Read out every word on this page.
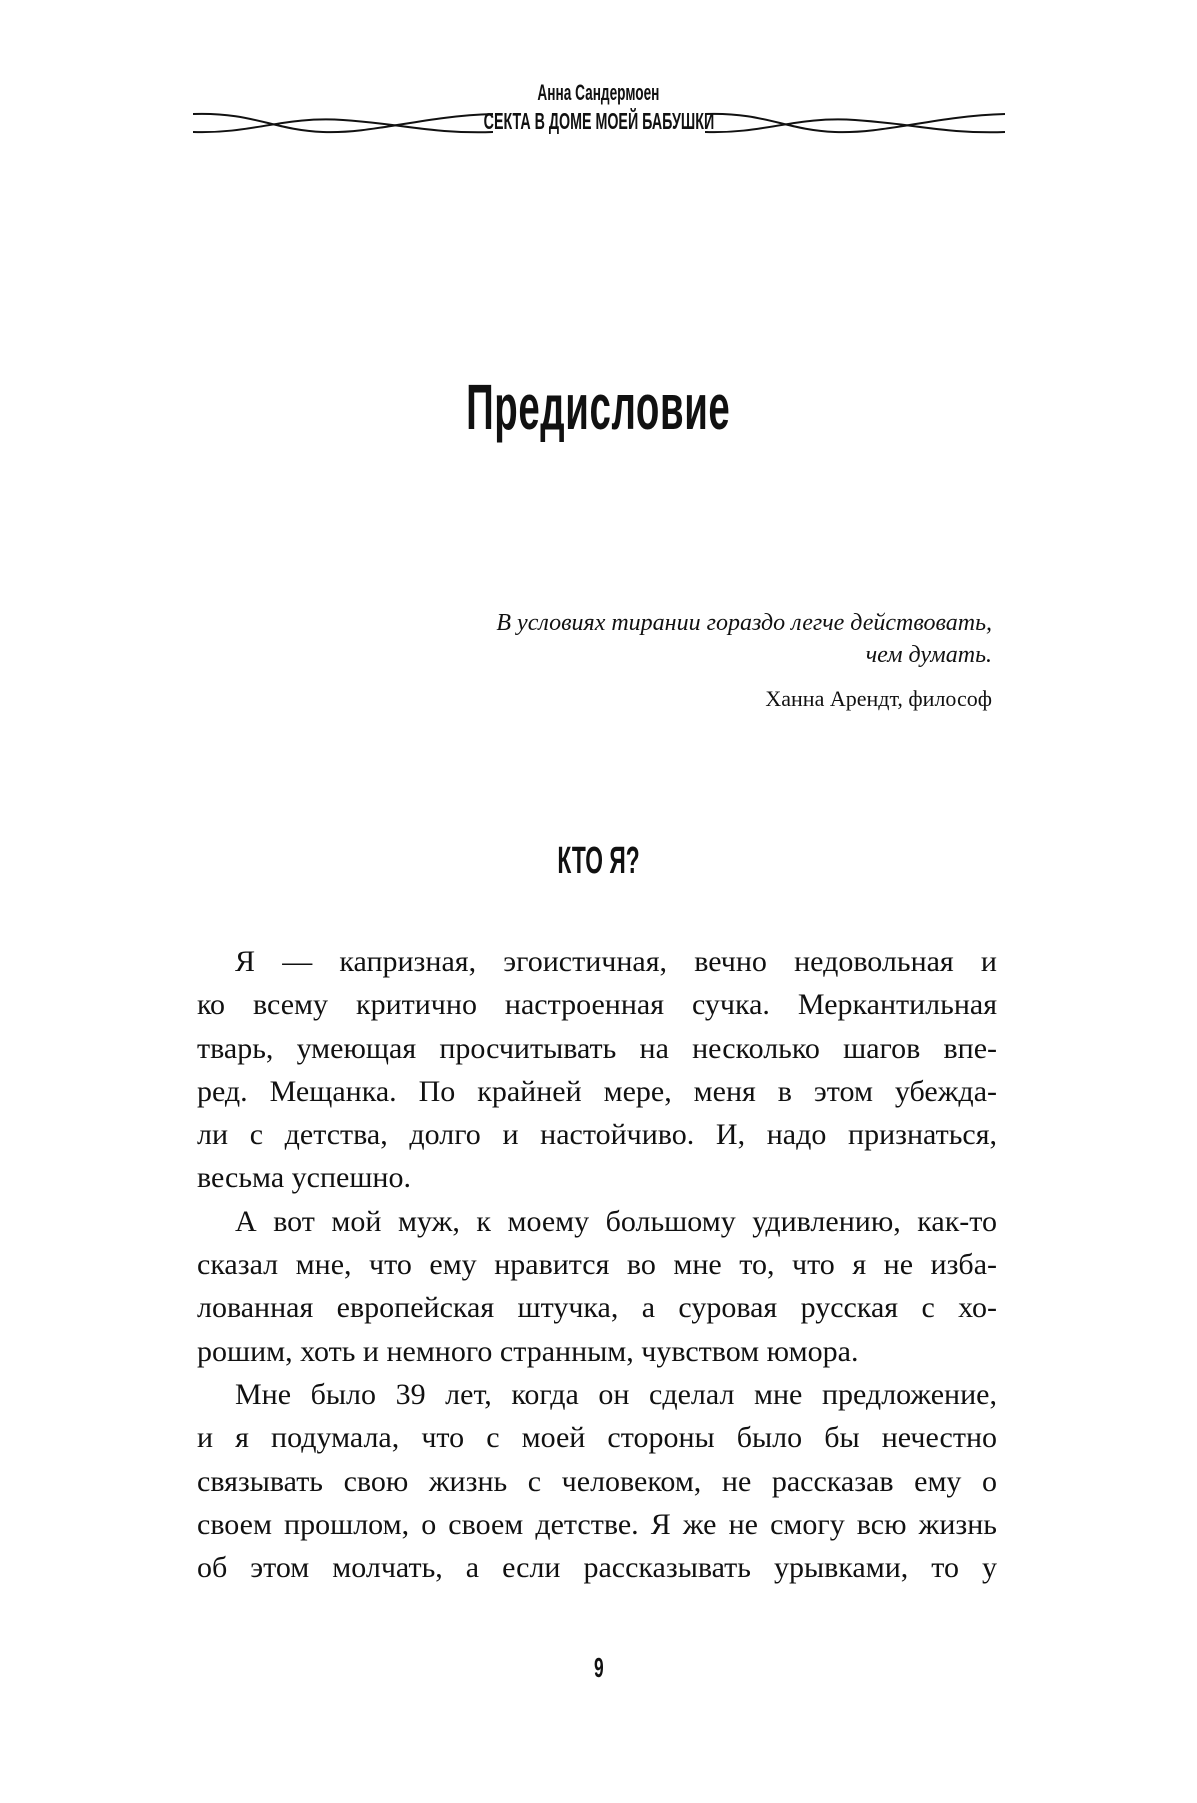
Анна Сандермоен
СЕКТА В ДОМЕ МОЕЙ БАБУШКИ
Предисловие
В условиях тирании гораздо легче действовать,
чем думать.
Ханна Арендт, философ
КТО Я?
Я — капризная, эгоистичная, вечно недовольная и
ко всему критично настроенная сучка. Меркантильная
тварь, умеющая просчитывать на несколько шагов впе-
ред. Мещанка. По крайней мере, меня в этом убежда-
ли с детства, долго и настойчиво. И, надо признаться,
весьма успешно.
А вот мой муж, к моему большому удивлению, как-то
сказал мне, что ему нравится во мне то, что я не изба-
лованная европейская штучка, а суровая русская с хо-
рошим, хоть и немного странным, чувством юмора.
Мне было 39 лет, когда он сделал мне предложение,
и я подумала, что с моей стороны было бы нечестно
связывать свою жизнь с человеком, не рассказав ему о
своем прошлом, о своем детстве. Я же не смогу всю жизнь
об этом молчать, а если рассказывать урывками, то у
9
